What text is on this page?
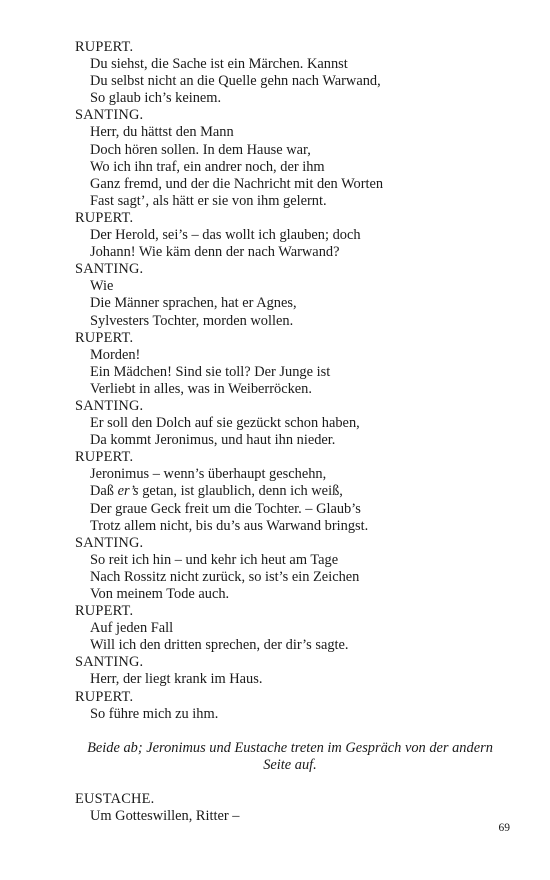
RUPERT.
Du siehst, die Sache ist ein Märchen. Kannst
Du selbst nicht an die Quelle gehn nach Warwand,
So glaub ich’s keinem.
SANTING.
Herr, du hättst den Mann
Doch hören sollen. In dem Hause war,
Wo ich ihn traf, ein andrer noch, der ihm
Ganz fremd, und der die Nachricht mit den Worten
Fast sagt’, als hätt er sie von ihm gelernt.
RUPERT.
Der Herold, sei’s – das wollt ich glauben; doch
Johann! Wie käm denn der nach Warwand?
SANTING.
Wie
Die Männer sprachen, hat er Agnes,
Sylvesters Tochter, morden wollen.
RUPERT.
Morden!
Ein Mädchen! Sind sie toll? Der Junge ist
Verliebt in alles, was in Weiberröcken.
SANTING.
Er soll den Dolch auf sie gezückt schon haben,
Da kommt Jeronimus, und haut ihn nieder.
RUPERT.
Jeronimus – wenn’s überhaupt geschehn,
Daß er’s getan, ist glaublich, denn ich weiß,
Der graue Geck freit um die Tochter. – Glaub’s
Trotz allem nicht, bis du’s aus Warwand bringst.
SANTING.
So reit ich hin – und kehr ich heut am Tage
Nach Rossitz nicht zurück, so ist’s ein Zeichen
Von meinem Tode auch.
RUPERT.
Auf jeden Fall
Will ich den dritten sprechen, der dir’s sagte.
SANTING.
Herr, der liegt krank im Haus.
RUPERT.
So führe mich zu ihm.
Beide ab; Jeronimus und Eustache treten im Gespräch von der andern
Seite auf.
EUSTACHE.
Um Gotteswillen, Ritter –
69
